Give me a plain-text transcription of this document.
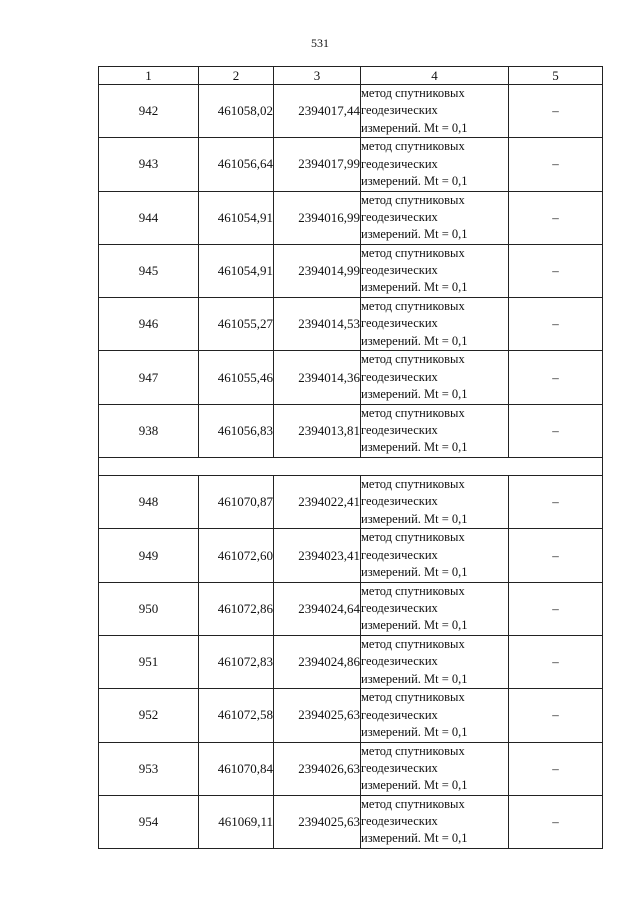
531
1	2	3	4	5
942	461058,02	2394017,44	метод спутниковых
геодезических
измерений. Mt = 0,1	–
943	461056,64	2394017,99	метод спутниковых
геодезических
измерений. Mt = 0,1	–
944	461054,91	2394016,99	метод спутниковых
геодезических
измерений. Mt = 0,1	–
945	461054,91	2394014,99	метод спутниковых
геодезических
измерений. Mt = 0,1	–
946	461055,27	2394014,53	метод спутниковых
геодезических
измерений. Mt = 0,1	–
947	461055,46	2394014,36	метод спутниковых
геодезических
измерений. Mt = 0,1	–
938	461056,83	2394013,81	метод спутниковых
геодезических
измерений. Mt = 0,1	–

948	461070,87	2394022,41	метод спутниковых
геодезических
измерений. Mt = 0,1	–
949	461072,60	2394023,41	метод спутниковых
геодезических
измерений. Mt = 0,1	–
950	461072,86	2394024,64	метод спутниковых
геодезических
измерений. Mt = 0,1	–
951	461072,83	2394024,86	метод спутниковых
геодезических
измерений. Mt = 0,1	–
952	461072,58	2394025,63	метод спутниковых
геодезических
измерений. Mt = 0,1	–
953	461070,84	2394026,63	метод спутниковых
геодезических
измерений. Mt = 0,1	–
954	461069,11	2394025,63	метод спутниковых
геодезических
измерений. Mt = 0,1	–
